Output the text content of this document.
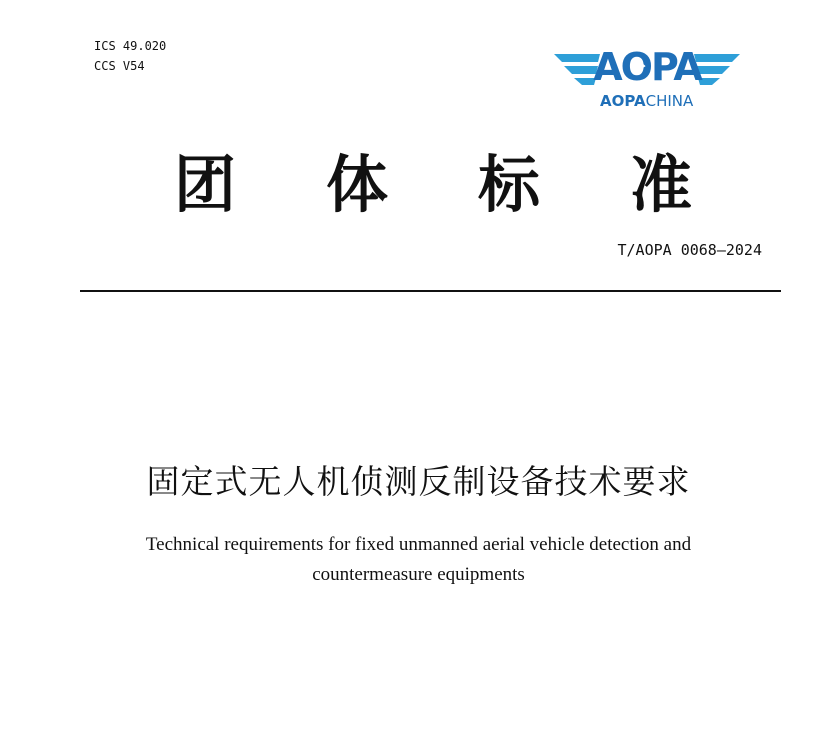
ICS 49.020
CCS V54	AOPA
AOPACHINA
团 体 标 准
T/AOPA 0068—2024
固定式无人机侦测反制设备技术要求
Technical requirements for fixed unmanned aerial vehicle detection and
countermeasure equipments
